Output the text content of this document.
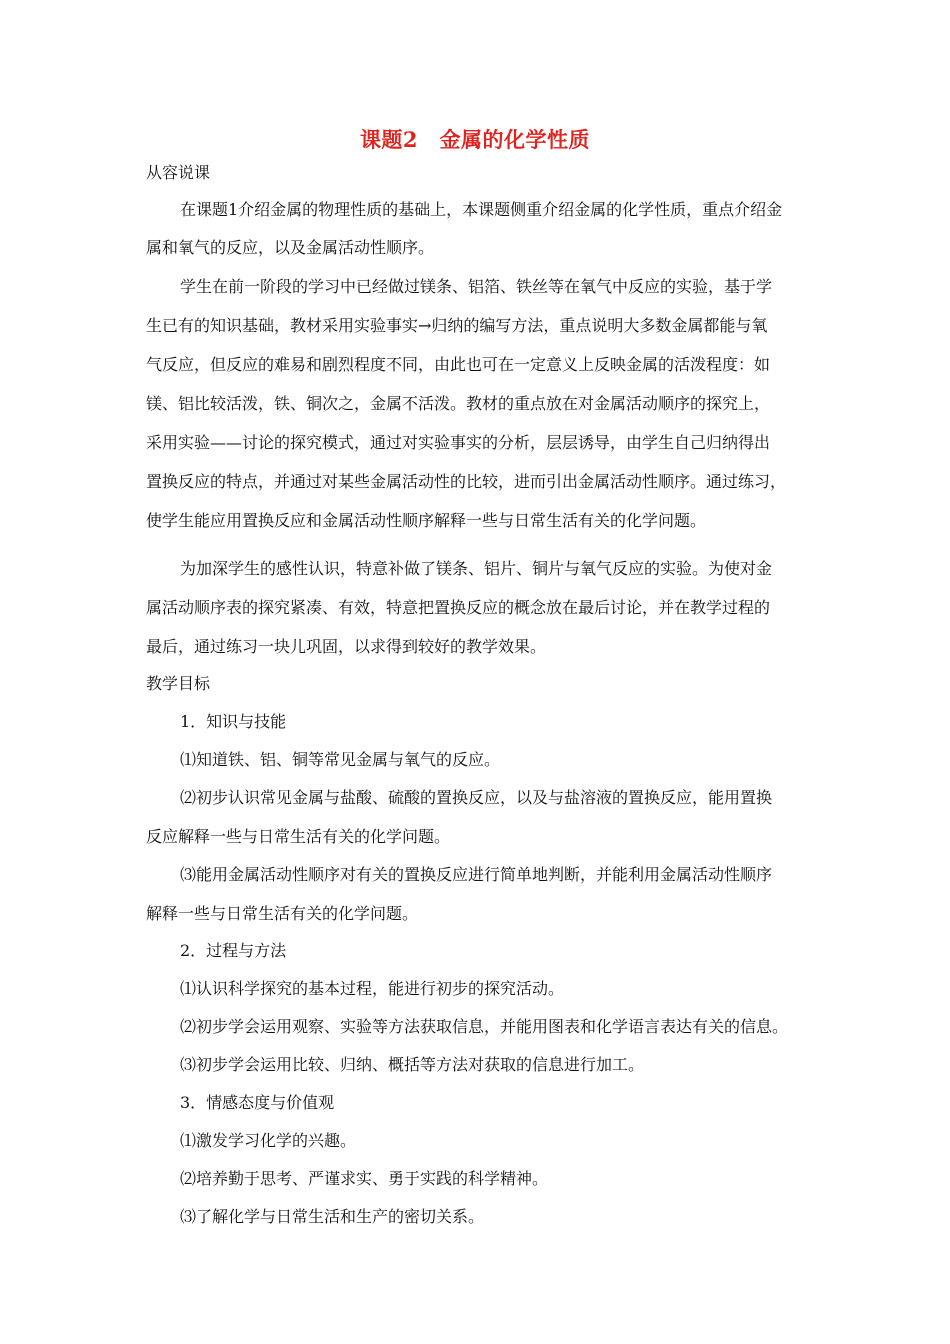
课题2　金属的化学性质
从容说课
在课题1介绍金属的物理性质的基础上，本课题侧重介绍金属的化学性质，重点介绍金
属和氧气的反应，以及金属活动性顺序。
学生在前一阶段的学习中已经做过镁条、铝箔、铁丝等在氧气中反应的实验，基于学
生已有的知识基础，教材采用实验事实→归纳的编写方法，重点说明大多数金属都能与氧
气反应，但反应的难易和剧烈程度不同，由此也可在一定意义上反映金属的活泼程度：如
镁、铝比较活泼，铁、铜次之，金属不活泼。教材的重点放在对金属活动顺序的探究上，
采用实验——讨论的探究模式，通过对实验事实的分析，层层诱导，由学生自己归纳得出
置换反应的特点，并通过对某些金属活动性的比较，进而引出金属活动性顺序。通过练习，
使学生能应用置换反应和金属活动性顺序解释一些与日常生活有关的化学问题。
为加深学生的感性认识，特意补做了镁条、铝片、铜片与氧气反应的实验。为使对金
属活动顺序表的探究紧凑、有效，特意把置换反应的概念放在最后讨论，并在教学过程的
最后，通过练习一块儿巩固，以求得到较好的教学效果。
教学目标
1．知识与技能
⑴知道铁、铝、铜等常见金属与氧气的反应。
⑵初步认识常见金属与盐酸、硫酸的置换反应，以及与盐溶液的置换反应，能用置换
反应解释一些与日常生活有关的化学问题。
⑶能用金属活动性顺序对有关的置换反应进行简单地判断，并能利用金属活动性顺序
解释一些与日常生活有关的化学问题。
2．过程与方法
⑴认识科学探究的基本过程，能进行初步的探究活动。
⑵初步学会运用观察、实验等方法获取信息，并能用图表和化学语言表达有关的信息。
⑶初步学会运用比较、归纳、概括等方法对获取的信息进行加工。
3．情感态度与价值观
⑴激发学习化学的兴趣。
⑵培养勤于思考、严谨求实、勇于实践的科学精神。
⑶了解化学与日常生活和生产的密切关系。
